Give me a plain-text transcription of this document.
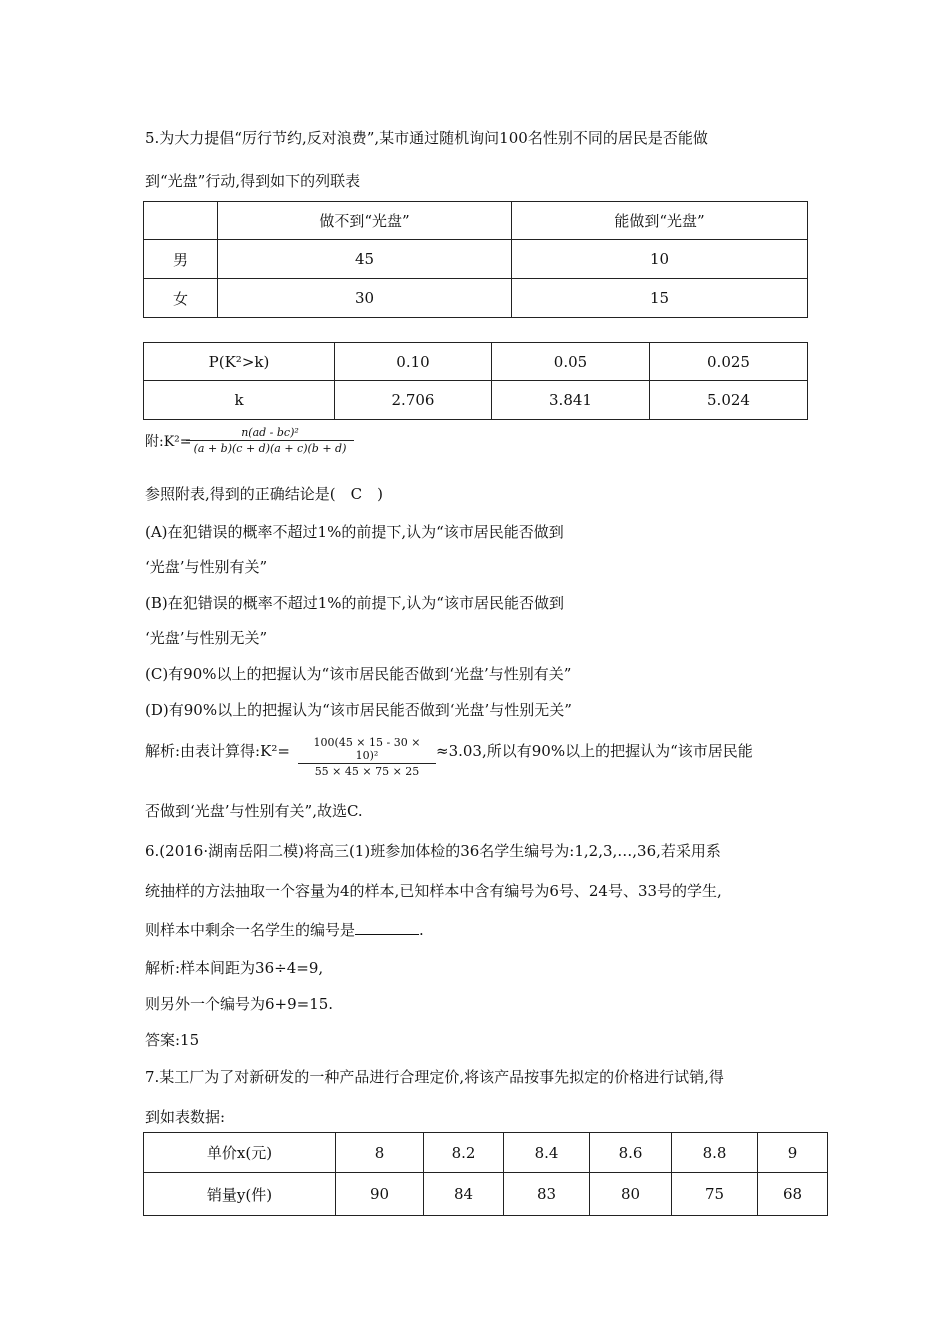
5.为大力提倡“厉行节约,反对浪费”,某市通过随机询问100名性别不同的居民是否能做
到“光盘”行动,得到如下的列联表
	做不到“光盘”	能做到“光盘”
男	45	10
女	30	15
P(K²>k)	0.10	0.05	0.025
k	2.706	3.841	5.024
附:K²=
$\frac{\text{n(ad - bc)²}}{(a + b)(c + d)(a + c)(b + d)}$
参照附表,得到的正确结论是(　C　)
(A)在犯错误的概率不超过1%的前提下,认为“该市居民能否做到
‘光盘’与性别有关”
(B)在犯错误的概率不超过1%的前提下,认为“该市居民能否做到
‘光盘’与性别无关”
(C)有90%以上的把握认为“该市居民能否做到‘光盘’与性别有关”
(D)有90%以上的把握认为“该市居民能否做到‘光盘’与性别无关”
解析:由表计算得:K²= $\frac{\text{100(45 × 15 - 30 × 10)²}}{55 \times 45 \times 75 \times 25} \approx 3.03$,所以有90%以上的把握认为“该市居民能
否做到‘光盘’与性别有关”,故选C.
6.(2016·湖南岳阳二模)将高三(1)班参加体检的36名学生编号为:1,2,3,…,36,若采用系
统抽样的方法抽取一个容量为4的样本,已知样本中含有编号为6号、24号、33号的学生,
则样本中剩余一名学生的编号是	.
解析:样本间距为36÷4=9,
则另外一个编号为6+9=15.
答案:15
7.某工厂为了对新研发的一种产品进行合理定价,将该产品按事先拟定的价格进行试销,得
到如表数据:
单价x(元)	8	8.2	8.4	8.6	8.8	9
销量y(件)	90	84	83	80	75	68
